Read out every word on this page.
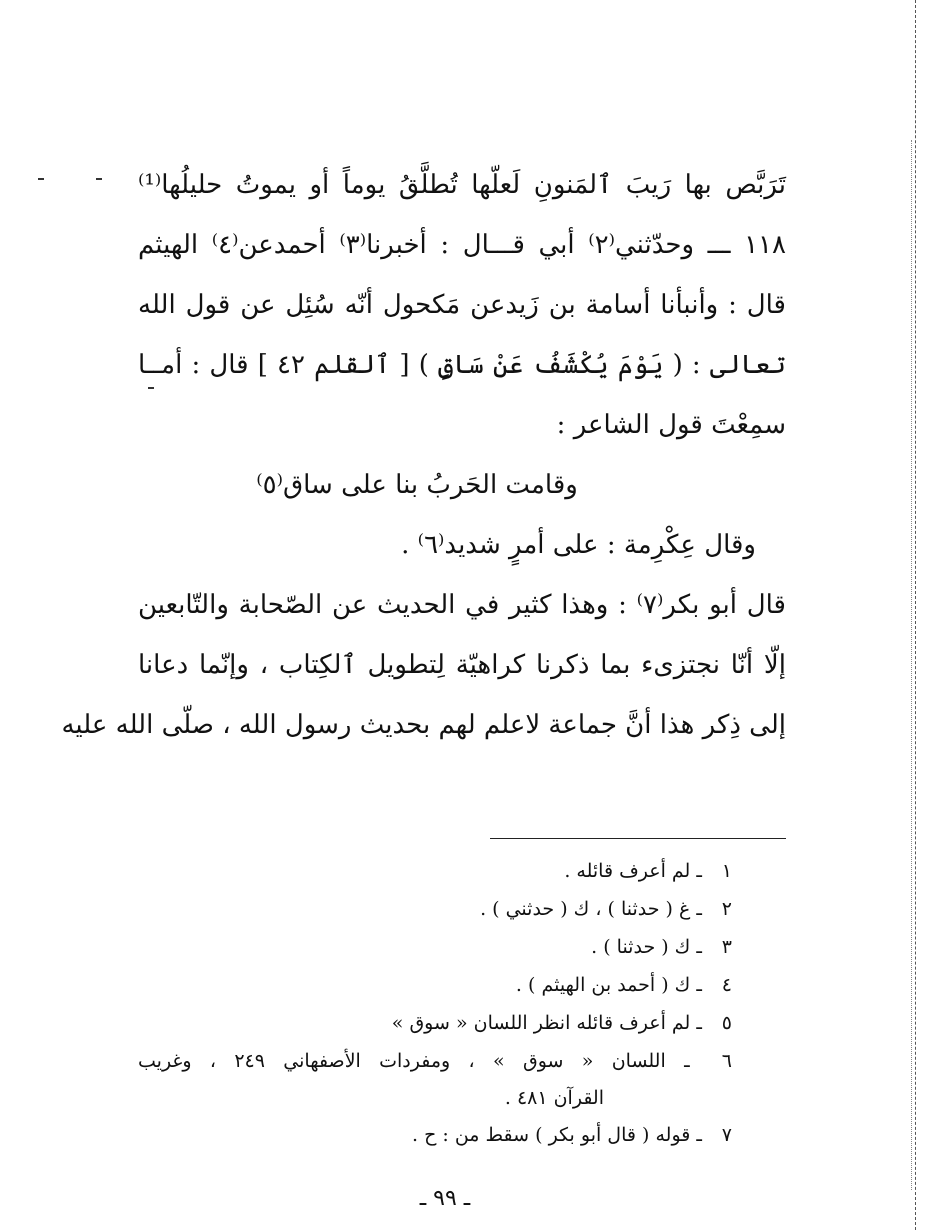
تَرَبَّص بها رَيبَ ٱلمَنونِ لَعلّها تُطلَّقُ يوماً أو يموتُ حليلُها⁽¹⁾
١١٨ ـــ وحدّثني⁽٢⁾ أبي قـــال : أخبرنا⁽٣⁾ أحمدعن⁽٤⁾ الهيثم
قال : وأنبأنا أسامة بن زَيدعن مَكحول أنّه سُئِل عن قول الله
تعالى : ( يَوْمَ يُكْشَفُ عَنْ سَاقٍ ) [ ٱلقلم ٤٢ ] قال : أمــا
سمِعْتَ قول الشاعر :
وقامت الحَربُ بنا على ساق⁽٥⁾
وقال عِكْرِمة : على أمرٍ شديد⁽٦⁾ .
قال أبو بكر⁽٧⁾ : وهذا كثير في الحديث عن الصّحابة والتّابعين
إلّا أنّا نجتزىء بما ذكرنا كراهيّة لِتطويل ٱلكِتاب ، وإنّما دعانا
إلى ذِكر هذا أنَّ جماعة لاعلم لهم بحديث رسول الله ، صلّى الله عليه
١ ـ لم أعرف قائله .
٢ ـ غ ( حدثنا ) ، ك ( حدثني ) .
٣ ـ ك ( حدثنا ) .
٤ ـ ك ( أحمد بن الهيثم ) .
٥ ـ لم أعرف قائله انظر اللسان « سوق »
٦ ـ اللسان « سوق » ، ومفردات الأصفهاني ٢٤٩ ، وغريب
القرآن ٤٨١ .
٧ ـ قوله ( قال أبو بكر ) سقط من : ح .
ـ ٩٩ ـ
